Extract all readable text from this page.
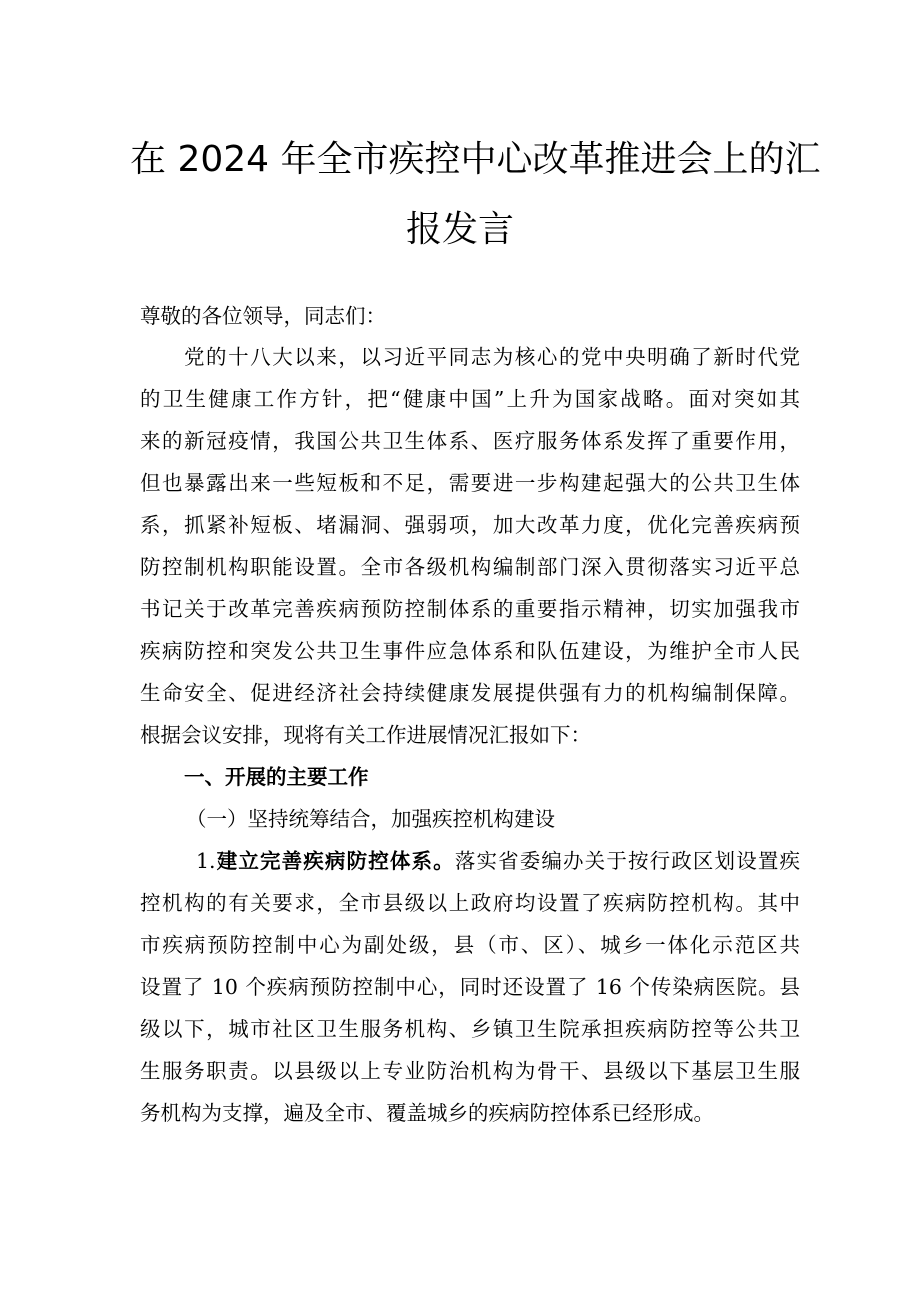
在 2024 年全市疾控中心改革推进会上的汇
报发言
尊敬的各位领导，同志们：
党的十八大以来，以习近平同志为核心的党中央明确了新时代党
的卫生健康工作方针，把“健康中国”上升为国家战略。面对突如其
来的新冠疫情，我国公共卫生体系、医疗服务体系发挥了重要作用，
但也暴露出来一些短板和不足，需要进一步构建起强大的公共卫生体
系，抓紧补短板、堵漏洞、强弱项，加大改革力度，优化完善疾病预
防控制机构职能设置。全市各级机构编制部门深入贯彻落实习近平总
书记关于改革完善疾病预防控制体系的重要指示精神，切实加强我市
疾病防控和突发公共卫生事件应急体系和队伍建设，为维护全市人民
生命安全、促进经济社会持续健康发展提供强有力的机构编制保障。
根据会议安排，现将有关工作进展情况汇报如下：
一、开展的主要工作
（一）坚持统筹结合，加强疾控机构建设
1.建立完善疾病防控体系。落实省委编办关于按行政区划设置疾
控机构的有关要求，全市县级以上政府均设置了疾病防控机构。其中
市疾病预防控制中心为副处级，县（市、区）、城乡一体化示范区共
设置了 10 个疾病预防控制中心，同时还设置了 16 个传染病医院。县
级以下，城市社区卫生服务机构、乡镇卫生院承担疾病防控等公共卫
生服务职责。以县级以上专业防治机构为骨干、县级以下基层卫生服
务机构为支撑，遍及全市、覆盖城乡的疾病防控体系已经形成。
